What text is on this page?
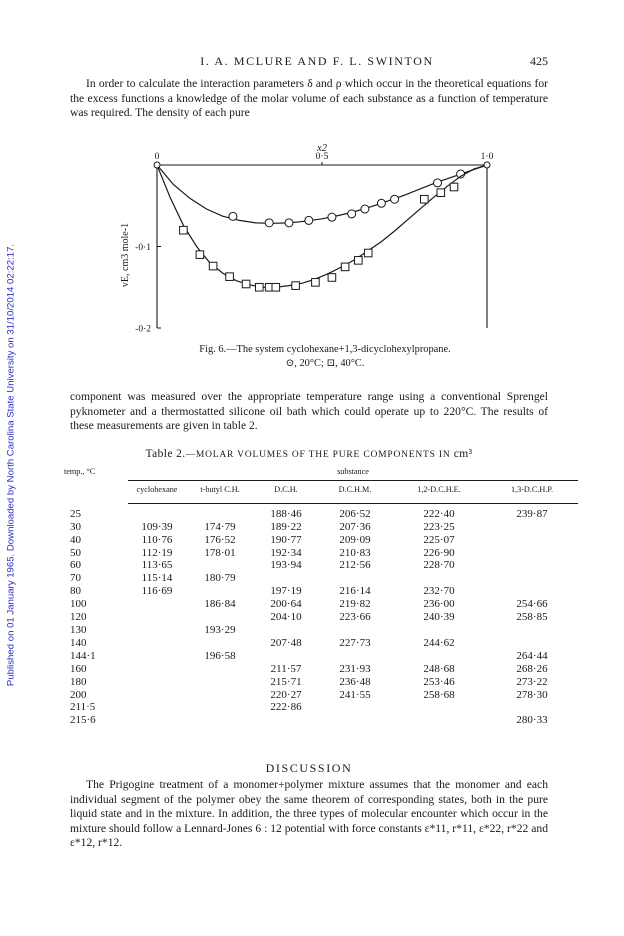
Published on 01 January 1965. Downloaded by North Carolina State University on 31/10/2014 02:22:17.
I. A. MCLURE AND F. L. SWINTON	425

In order to calculate the interaction parameters δ and ρ which occur in the theoretical equations for the excess functions a knowledge of the molar volume of each substance as a function of temperature was required. The density of each pure

0	0·5	1·0
-0·1
-0·2
x2
vE, cm3 mole-1
Fig. 6.—The system cyclohexane+1,3-dicyclohexylpropane.
⊙, 20°C; ⊡, 40°C.

component was measured over the appropriate temperature range using a conventional Sprengel pyknometer and a thermostatted silicone oil bath which could operate up to 220°C. The results of these measurements are given in table 2.

Table 2.—MOLAR VOLUMES OF THE PURE COMPONENTS IN cm³
temp., °C	substance					

	cyclohexane	t-butyl C.H.	D.C.H.	D.C.H.M.	1,2-D.C.H.E.	1,3-D.C.H.P.
25			188·46	206·52	222·40	239·87
30	109·39	174·79	189·22	207·36	223·25	
40	110·76	176·52	190·77	209·09	225·07	
50	112·19	178·01	192·34	210·83	226·90	
60	113·65		193·94	212·56	228·70	
70	115·14	180·79				
80	116·69		197·19	216·14	232·70	
100		186·84	200·64	219·82	236·00	254·66
120			204·10	223·66	240·39	258·85
130		193·29				
140			207·48	227·73	244·62	
144·1		196·58				264·44
160			211·57	231·93	248·68	268·26
180			215·71	236·48	253·46	273·22
200			220·27	241·55	258·68	278·30
211·5			222·86			
215·6						280·33
DISCUSSION

The Prigogine treatment of a monomer+polymer mixture assumes that the monomer and each individual segment of the polymer obey the same theorem of corresponding states, both in the pure liquid state and in the mixture. In addition, the three types of molecular encounter which occur in the mixture should follow a Lennard-Jones 6 : 12 potential with force constants ε*11, r*11, ε*22, r*22 and ε*12, r*12.
